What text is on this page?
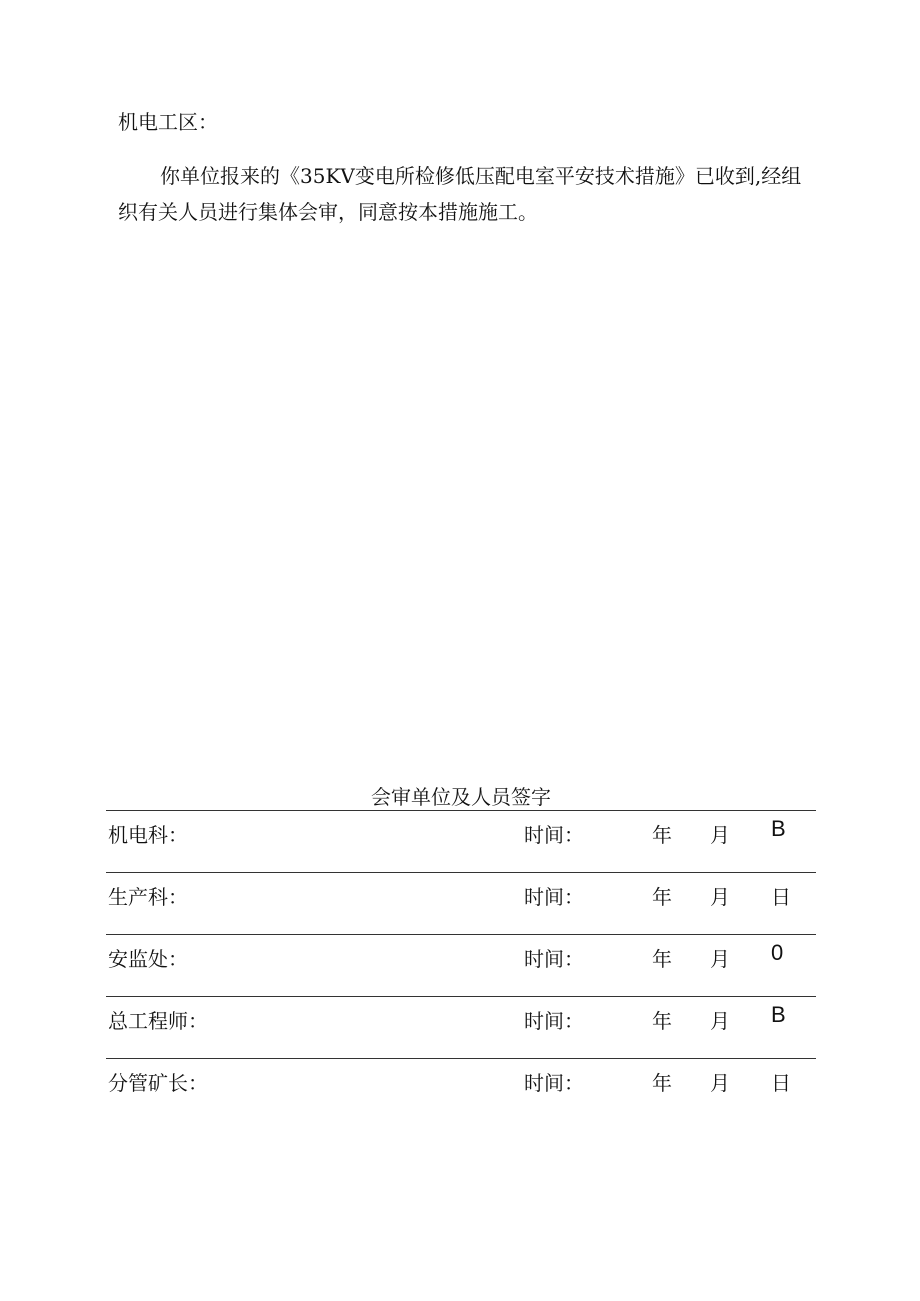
机电工区：
你单位报来的《35KV变电所检修低压配电室平安技术措施》已收到,经组
织有关人员进行集体会审，同意按本措施施工。
会审单位及人员签字
机电科：	时间：	年 月 B
生产科：	时间：	年 月 日
安监处：	时间：	年 月 0
总工程师：	时间：	年 月 B
分管矿长：	时间：	年 月 日
